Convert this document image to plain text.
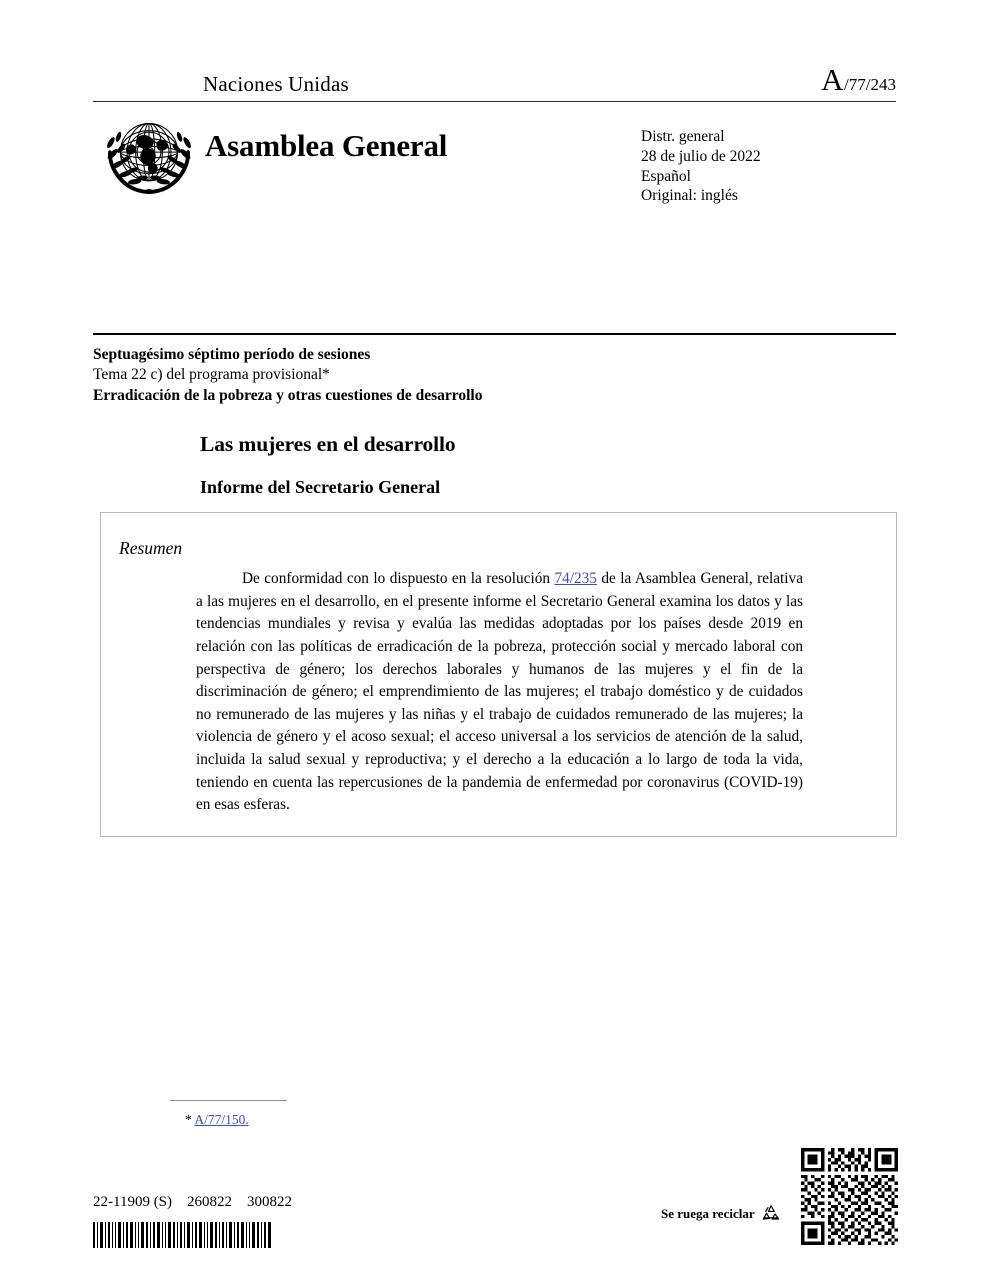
Naciones Unidas	A/77/243
Asamblea General	Distr. general
28 de julio de 2022
Español
Original: inglés
Septuagésimo séptimo período de sesiones
Tema 22 c) del programa provisional*
Erradicación de la pobreza y otras cuestiones de desarrollo
Las mujeres en el desarrollo
Informe del Secretario General
Resumen
De conformidad con lo dispuesto en la resolución 74/235 de la Asamblea General, relativa a las mujeres en el desarrollo, en el presente informe el Secretario General examina los datos y las tendencias mundiales y revisa y evalúa las medidas adoptadas por los países desde 2019 en relación con las políticas de erradicación de la pobreza, protección social y mercado laboral con perspectiva de género; los derechos laborales y humanos de las mujeres y el fin de la discriminación de género; el emprendimiento de las mujeres; el trabajo doméstico y de cuidados no remunerado de las mujeres y las niñas y el trabajo de cuidados remunerado de las mujeres; la violencia de género y el acoso sexual; el acceso universal a los servicios de atención de la salud, incluida la salud sexual y reproductiva; y el derecho a la educación a lo largo de toda la vida, teniendo en cuenta las repercusiones de la pandemia de enfermedad por coronavirus (COVID-19) en esas esferas.
* A/77/150.
22-11909 (S)    260822    300822
Se ruega reciclar
